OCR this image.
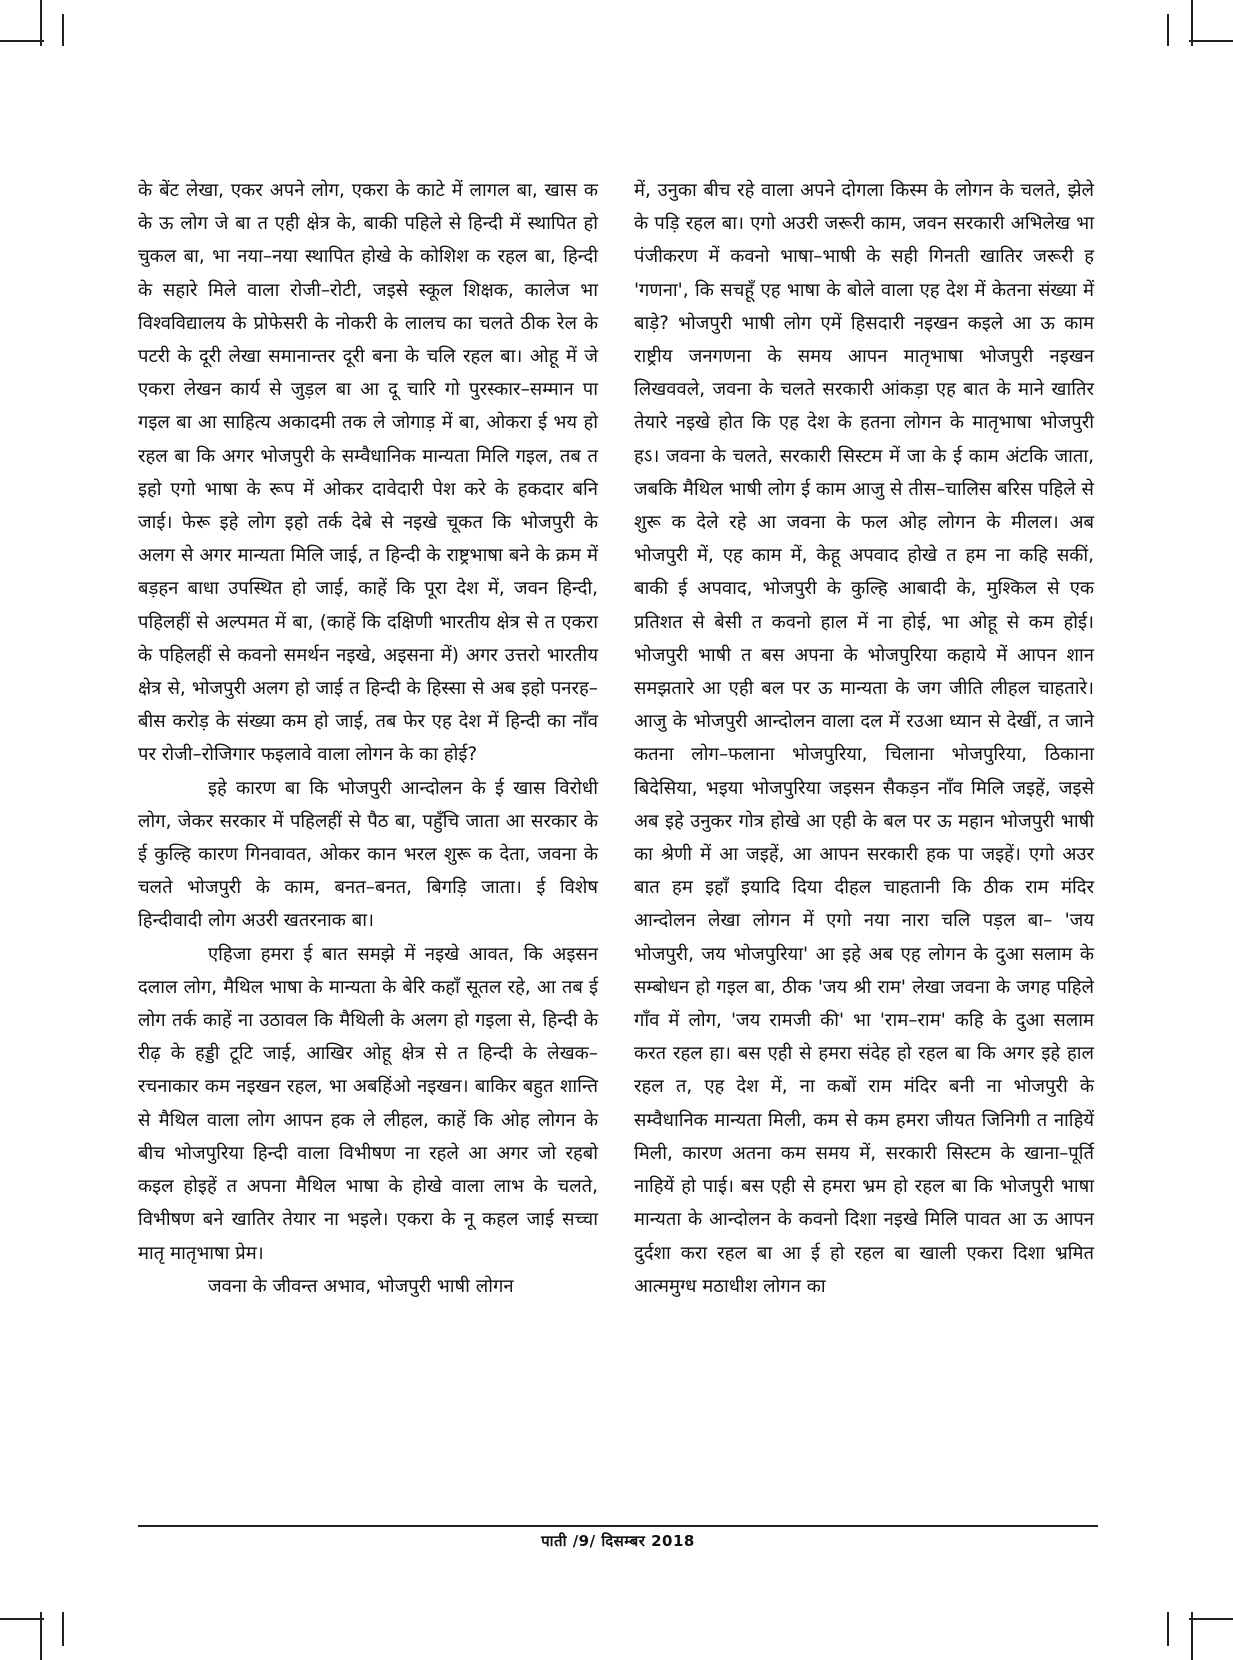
के बेंट लेखा, एकर अपने लोग, एकरा के काटे में लागल बा, खास क के ऊ लोग जे बा त एही क्षेत्र के, बाकी पहिले से हिन्दी में स्थापित हो चुकल बा, भा नया–नया स्थापित होखे के कोशिश क रहल बा, हिन्दी के सहारे मिले वाला रोजी–रोटी, जइसे स्कूल शिक्षक, कालेज भा विश्वविद्यालय के प्रोफेसरी के नोकरी के लालच का चलते ठीक रेल के पटरी के दूरी लेखा समानान्तर दूरी बना के चलि रहल बा। ओहू में जे एकरा लेखन कार्य से जुड़ल बा आ दू चारि गो पुरस्कार–सम्मान पा गइल बा आ साहित्य अकादमी तक ले जोगाड़ में बा, ओकरा ई भय हो रहल बा कि अगर भोजपुरी के सम्वैधानिक मान्यता मिलि गइल, तब त इहो एगो भाषा के रूप में ओकर दावेदारी पेश करे के हकदार बनि जाई। फेरू इहे लोग इहो तर्क देबे से नइखे चूकत कि भोजपुरी के अलग से अगर मान्यता मिलि जाई, त हिन्दी के राष्ट्रभाषा बने के क्रम में बड़हन बाधा उपस्थित हो जाई, काहें कि पूरा देश में, जवन हिन्दी, पहिलहीं से अल्पमत में बा, (काहें कि दक्षिणी भारतीय क्षेत्र से त एकरा के पहिलहीं से कवनो समर्थन नइखे, अइसना में) अगर उत्तरो भारतीय क्षेत्र से, भोजपुरी अलग हो जाई त हिन्दी के हिस्सा से अब इहो पनरह–बीस करोड़ के संख्या कम हो जाई, तब फेर एह देश में हिन्दी का नाँव पर रोजी–रोजिगार फइलावे वाला लोगन के का होई?

इहे कारण बा कि भोजपुरी आन्दोलन के ई खास विरोधी लोग, जेकर सरकार में पहिलहीं से पैठ बा, पहुँचि जाता आ सरकार के ई कुल्हि कारण गिनवावत, ओकर कान भरल शुरू क देता, जवना के चलते भोजपुरी के काम, बनत–बनत, बिगड़ि जाता। ई विशेष हिन्दीवादी लोग अउरी खतरनाक बा।

एहिजा हमरा ई बात समझे में नइखे आवत, कि अइसन दलाल लोग, मैथिल भाषा के मान्यता के बेरि कहाँ सूतल रहे, आ तब ई लोग तर्क काहें ना उठावल कि मैथिली के अलग हो गइला से, हिन्दी के रीढ़ के हड्डी टूटि जाई, आखिर ओहू क्षेत्र से त हिन्दी के लेखक–रचनाकार कम नइखन रहल, भा अबहिंओ नइखन। बाकिर बहुत शान्ति से मैथिल वाला लोग आपन हक ले लीहल, काहें कि ओह लोगन के बीच भोजपुरिया हिन्दी वाला विभीषण ना रहले आ अगर जो रहबो कइल होइहें त अपना मैथिल भाषा के होखे वाला लाभ के चलते, विभीषण बने खातिर तेयार ना भइले। एकरा के नू कहल जाई सच्चा मातृ मातृभाषा प्रेम।

जवना के जीवन्त अभाव, भोजपुरी भाषी लोगन

में, उनुका बीच रहे वाला अपने दोगला किस्म के लोगन के चलते, झेले के पड़ि रहल बा। एगो अउरी जरूरी काम, जवन सरकारी अभिलेख भा पंजीकरण में कवनो भाषा–भाषी के सही गिनती खातिर जरूरी ह 'गणना', कि सचहूँ एह भाषा के बोले वाला एह देश में केतना संख्या में बाड़े? भोजपुरी भाषी लोग एमें हिसदारी नइखन कइले आ ऊ काम राष्ट्रीय जनगणना के समय आपन मातृभाषा भोजपुरी नइखन लिखववले, जवना के चलते सरकारी आंकड़ा एह बात के माने खातिर तेयारे नइखे होत कि एह देश के हतना लोगन के मातृभाषा भोजपुरी हऽ। जवना के चलते, सरकारी सिस्टम में जा के ई काम अंटकि जाता, जबकि मैथिल भाषी लोग ई काम आजु से तीस–चालिस बरिस पहिले से शुरू क देले रहे आ जवना के फल ओह लोगन के मीलल। अब भोजपुरी में, एह काम में, केहू अपवाद होखे त हम ना कहि सकीं, बाकी ई अपवाद, भोजपुरी के कुल्हि आबादी के, मुश्किल से एक प्रतिशत से बेसी त कवनो हाल में ना होई, भा ओहू से कम होई। भोजपुरी भाषी त बस अपना के भोजपुरिया कहाये में आपन शान समझतारे आ एही बल पर ऊ मान्यता के जग जीति लीहल चाहतारे। आजु के भोजपुरी आन्दोलन वाला दल में रउआ ध्यान से देखीं, त जाने कतना लोग–फलाना भोजपुरिया, चिलाना भोजपुरिया, ठिकाना बिदेसिया, भइया भोजपुरिया जइसन सैकड़न नाँव मिलि जइहें, जइसे अब इहे उनुकर गोत्र होखे आ एही के बल पर ऊ महान भोजपुरी भाषी का श्रेणी में आ जइहें, आ आपन सरकारी हक पा जइहें। एगो अउर बात हम इहाँ इयादि दिया दीहल चाहतानी कि ठीक राम मंदिर आन्दोलन लेखा लोगन में एगो नया नारा चलि पड़ल बा– 'जय भोजपुरी, जय भोजपुरिया' आ इहे अब एह लोगन के दुआ सलाम के सम्बोधन हो गइल बा, ठीक 'जय श्री राम' लेखा जवना के जगह पहिले गाँव में लोग, 'जय रामजी की' भा 'राम–राम' कहि के दुआ सलाम करत रहल हा। बस एही से हमरा संदेह हो रहल बा कि अगर इहे हाल रहल त, एह देश में, ना कबों राम मंदिर बनी ना भोजपुरी के सम्वैधानिक मान्यता मिली, कम से कम हमरा जीयत जिनिगी त नाहियें मिली, कारण अतना कम समय में, सरकारी सिस्टम के खाना–पूर्ति नाहियें हो पाई। बस एही से हमरा भ्रम हो रहल बा कि भोजपुरी भाषा मान्यता के आन्दोलन के कवनो दिशा नइखे मिलि पावत आ ऊ आपन दुर्दशा करा रहल बा आ ई हो रहल बा खाली एकरा दिशा भ्रमित आत्ममुग्ध मठाधीश लोगन का

पाती /9/ दिसम्बर 2018
